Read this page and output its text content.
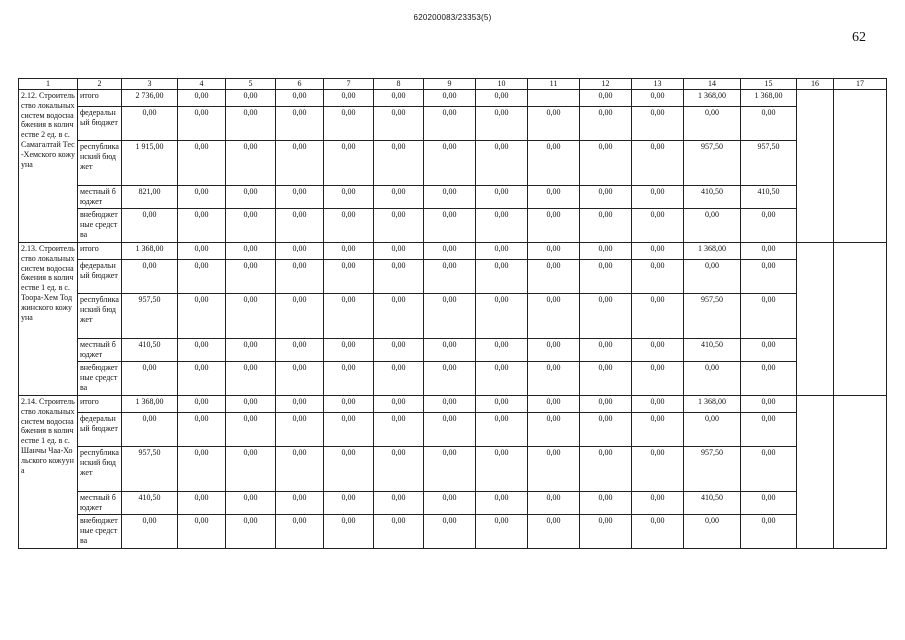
620200083/23353(5)
62
1	2	3	4	5	6	7	8	9	10	11	12	13	14	15	16	17
2.12. Строительство локальных систем водоснабжения в количестве 2 ед. в с. Самагалтай Тес-Хемского кожууна	итого	2 736,00	0,00	0,00	0,00	0,00	0,00	0,00	0,00		0,00	0,00	1 368,00	1 368,00		
	федеральный бюджет	0,00	0,00	0,00	0,00	0,00	0,00	0,00	0,00	0,00	0,00	0,00	0,00	0,00		
	республиканский бюджет	1 915,00	0,00	0,00	0,00	0,00	0,00	0,00	0,00	0,00	0,00	0,00	957,50	957,50		
	местный бюджет	821,00	0,00	0,00	0,00	0,00	0,00	0,00	0,00	0,00	0,00	0,00	410,50	410,50		
	внебюджетные средства	0,00	0,00	0,00	0,00	0,00	0,00	0,00	0,00	0,00	0,00	0,00	0,00	0,00		
2.13. Строительство локальных систем водоснабжения в количестве 1 ед. в с. Тоора-Хем Тоджинского кожууна	итого	1 368,00	0,00	0,00	0,00	0,00	0,00	0,00	0,00	0,00	0,00	0,00	1 368,00	0,00		
	федеральный бюджет	0,00	0,00	0,00	0,00	0,00	0,00	0,00	0,00	0,00	0,00	0,00	0,00	0,00		
	республиканский бюджет	957,50	0,00	0,00	0,00	0,00	0,00	0,00	0,00	0,00	0,00	0,00	957,50	0,00		
	местный бюджет	410,50	0,00	0,00	0,00	0,00	0,00	0,00	0,00	0,00	0,00	0,00	410,50	0,00		
	внебюджетные средства	0,00	0,00	0,00	0,00	0,00	0,00	0,00	0,00	0,00	0,00	0,00	0,00	0,00		
2.14. Строительство локальных систем водоснабжения в количестве 1 ед. в с. Шанчы Чаа-Хольского кожууна	итого	1 368,00	0,00	0,00	0,00	0,00	0,00	0,00	0,00	0,00	0,00	0,00	1 368,00	0,00		
	федеральный бюджет	0,00	0,00	0,00	0,00	0,00	0,00	0,00	0,00	0,00	0,00	0,00	0,00	0,00		
	республиканский бюджет	957,50	0,00	0,00	0,00	0,00	0,00	0,00	0,00	0,00	0,00	0,00	957,50	0,00		
	местный бюджет	410,50	0,00	0,00	0,00	0,00	0,00	0,00	0,00	0,00	0,00	0,00	410,50	0,00		
	внебюджетные средства	0,00	0,00	0,00	0,00	0,00	0,00	0,00	0,00	0,00	0,00	0,00	0,00	0,00		
